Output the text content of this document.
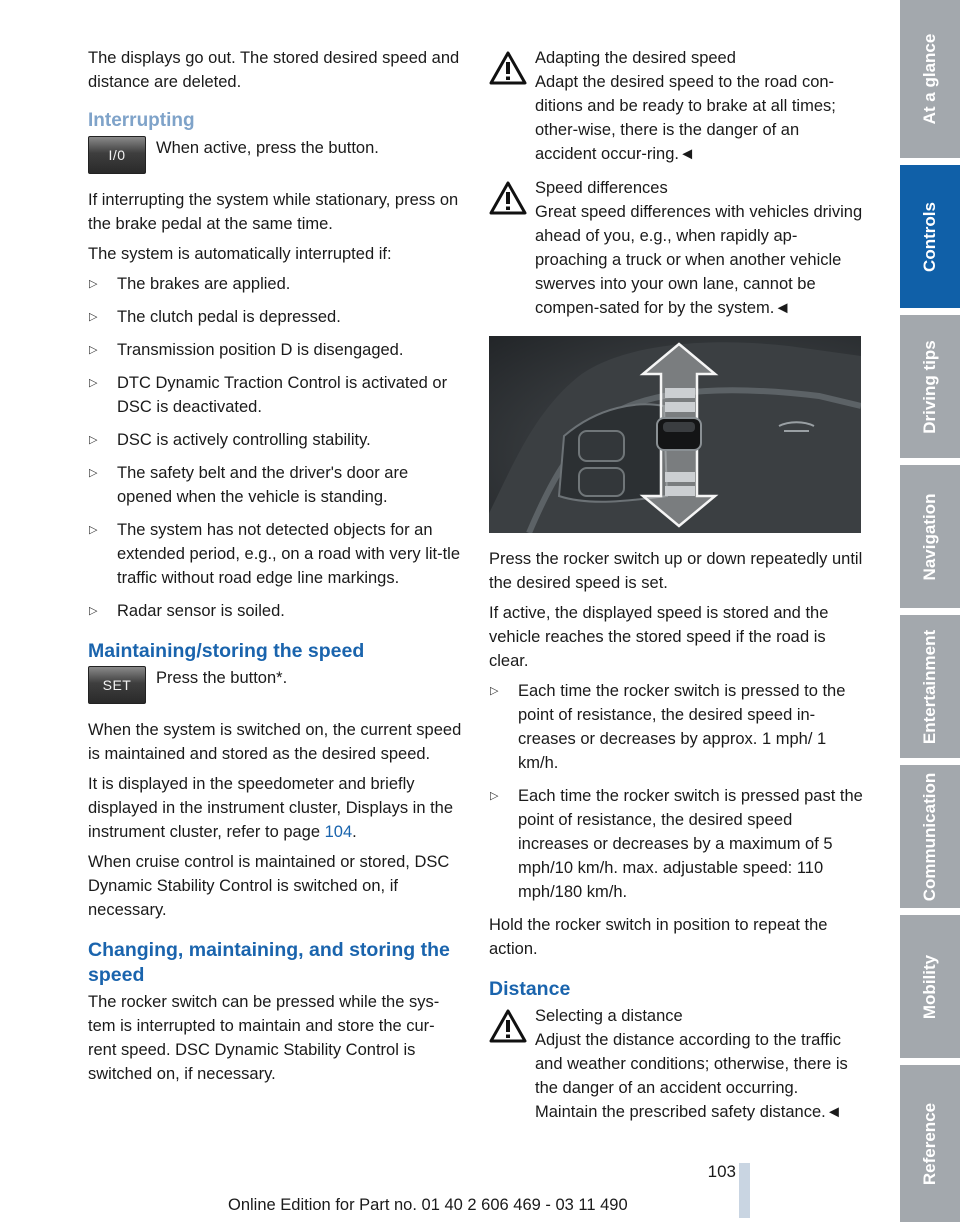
The displays go out. The stored desired speed and distance are deleted.

Interrupting
I/0	When active, press the button.

If interrupting the system while stationary, press on the brake pedal at the same time.

The system is automatically interrupted if:

▷ The brakes are applied.
▷ The clutch pedal is depressed.
▷ Transmission position D is disengaged.
▷ DTC Dynamic Traction Control is activated or DSC is deactivated.
▷ DSC is actively controlling stability.
▷ The safety belt and the driver's door are opened when the vehicle is standing.
▷ The system has not detected objects for an extended period, e.g., on a road with very lit‐tle traffic without road edge line markings.
▷ Radar sensor is soiled.
Maintaining/storing the speed
SET	Press the button*.

When the system is switched on, the current speed is maintained and stored as the desired speed.

It is displayed in the speedometer and briefly displayed in the instrument cluster, Displays in the instrument cluster, refer to page 104.

When cruise control is maintained or stored, DSC Dynamic Stability Control is switched on, if necessary.

Changing, maintaining, and storing the speed

The rocker switch can be pressed while the sys‐tem is interrupted to maintain and store the cur‐rent speed. DSC Dynamic Stability Control is switched on, if necessary.

Adapting the desired speed

Adapt the desired speed to the road con‐ditions and be ready to brake at all times; other‐wise, there is the danger of an accident occur‐ring.◄

Speed differences

Great speed differences with vehicles driving ahead of you, e.g., when rapidly ap‐proaching a truck or when another vehicle swerves into your own lane, cannot be compen‐sated for by the system.◄

Press the rocker switch up or down repeatedly until the desired speed is set.

If active, the displayed speed is stored and the vehicle reaches the stored speed if the road is clear.

▷ Each time the rocker switch is pressed to the point of resistance, the desired speed in‐creases or decreases by approx. 1 mph/ 1 km/h.
▷ Each time the rocker switch is pressed past the point of resistance, the desired speed increases or decreases by a maximum of 5 mph/10 km/h. max. adjustable speed: 110 mph/180 km/h.

Hold the rocker switch in position to repeat the action.

Distance

Selecting a distance

Adjust the distance according to the traffic and weather conditions; otherwise, there is the danger of an accident occurring. Maintain the prescribed safety distance.◄

At a glance
Controls
Driving tips
Navigation
Entertainment
Communication
Mobility
Reference
103
Online Edition for Part no. 01 40 2 606 469 - 03 11 490
